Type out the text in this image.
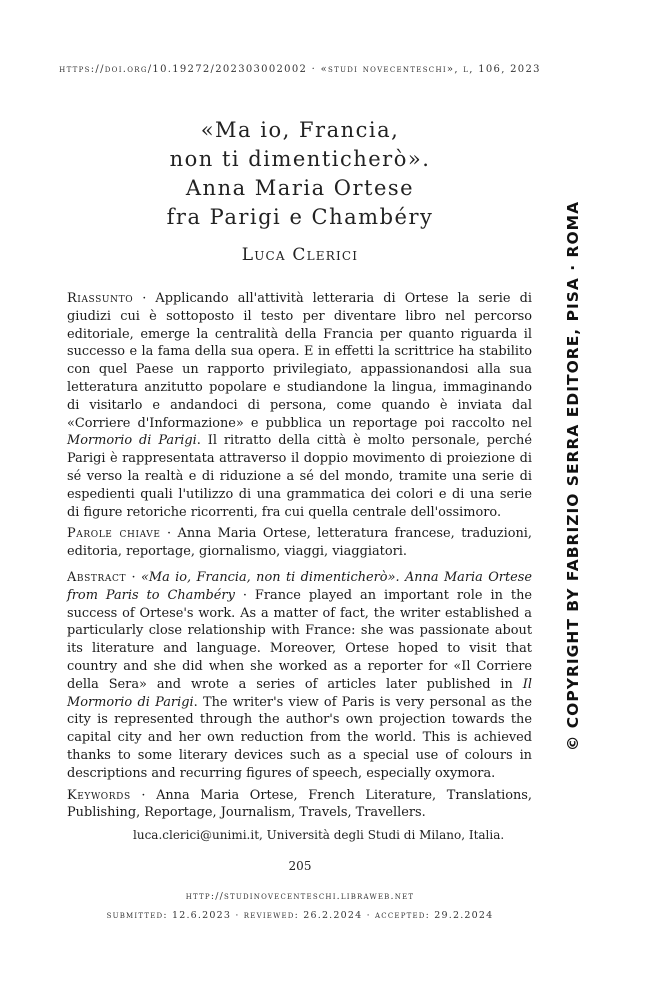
https://doi.org/10.19272/202303002002 · «studi novecenteschi», l, 106, 2023
«Ma io, Francia,
non ti dimenticherò».
Anna Maria Ortese
fra Parigi e Chambéry
Luca Clerici

Riassunto · Applicando all'attività letteraria di Ortese la serie di giudizi cui è sottoposto il testo per diventare libro nel percorso editoriale, emerge la centralità della Francia per quanto riguarda il successo e la fama della sua opera. E in effetti la scrittrice ha stabilito con quel Paese un rapporto privilegiato, appassionandosi alla sua letteratura anzitutto popolare e studiandone la lingua, immaginando di visitarlo e andandoci di persona, come quando è inviata dal «Corriere d'Informazione» e pubblica un reportage poi raccolto nel Mormorio di Parigi. Il ritratto della città è molto personale, perché Parigi è rappresentata attraverso il doppio movimento di proiezione di sé verso la realtà e di riduzione a sé del mondo, tramite una serie di espedienti quali l'utilizzo di una grammatica dei colori e di una serie di figure retoriche ricorrenti, fra cui quella centrale dell'ossimoro.

Parole chiave · Anna Maria Ortese, letteratura francese, traduzioni, editoria, reportage, giornalismo, viaggi, viaggiatori.

Abstract · «Ma io, Francia, non ti dimenticherò». Anna Maria Ortese from Paris to Chambéry · France played an important role in the success of Ortese's work. As a matter of fact, the writer established a particularly close relationship with France: she was passionate about its literature and language. Moreover, Ortese hoped to visit that country and she did when she worked as a reporter for «Il Corriere della Sera» and wrote a series of articles later published in Il Mormorio di Parigi. The writer's view of Paris is very personal as the city is represented through the author's own projection towards the capital city and her own reduction from the world. This is achieved thanks to some literary devices such as a special use of colours in descriptions and recurring figures of speech, especially oxymora.

Keywords · Anna Maria Ortese, French Literature, Translations, Publishing, Reportage, Journalism, Travels, Travellers.

luca.clerici@unimi.it, Università degli Studi di Milano, Italia.
205
http://studinovecenteschi.libraweb.net
submitted: 12.6.2023 · reviewed: 26.2.2024 · accepted: 29.2.2024
© COPYRIGHT BY FABRIZIO SERRA EDITORE, PISA · ROMA
